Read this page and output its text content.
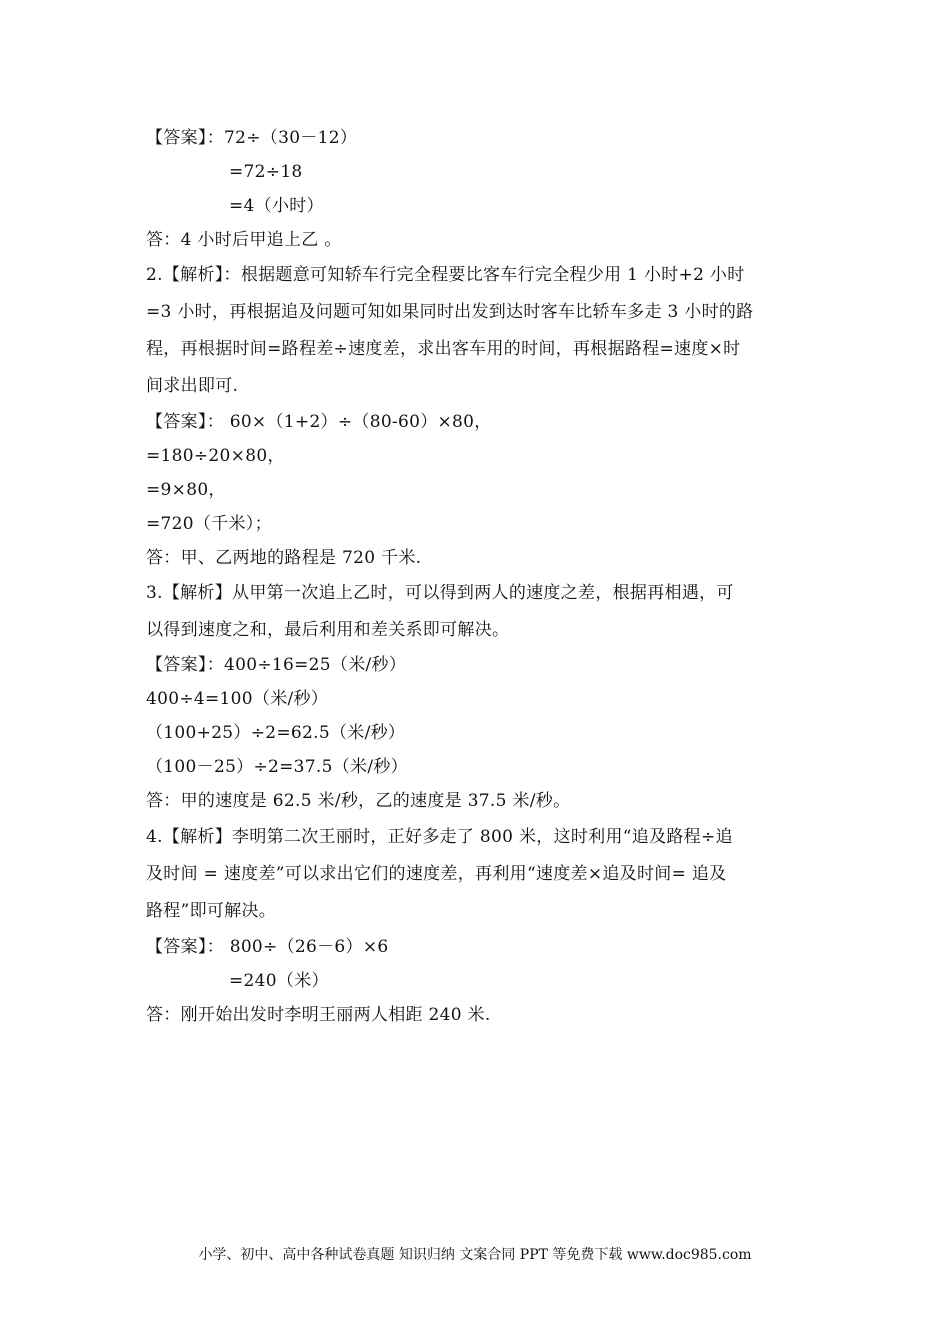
【答案】：72÷（30－12）
=72÷18
=4（小时）
答：4 小时后甲追上乙 。
2.【解析】：根据题意可知轿车行完全程要比客车行完全程少用 1 小时+2 小时
=3 小时，再根据追及问题可知如果同时出发到达时客车比轿车多走 3 小时的路
程，再根据时间=路程差÷速度差，求出客车用的时间，再根据路程=速度×时
间求出即可.
【答案】： 60×（1+2）÷（80-60）×80，
=180÷20×80，
=9×80，
=720（千米）；
答：甲、乙两地的路程是 720 千米.
3.【解析】从甲第一次追上乙时，可以得到两人的速度之差，根据再相遇，可
以得到速度之和，最后利用和差关系即可解决。
【答案】：400÷16=25（米/秒）
400÷4=100（米/秒）
（100+25）÷2=62.5（米/秒）
（100－25）÷2=37.5（米/秒）
答：甲的速度是 62.5 米/秒，乙的速度是 37.5 米/秒。
4.【解析】李明第二次王丽时，正好多走了 800 米，这时利用“追及路程÷追
及时间 = 速度差”可以求出它们的速度差，再利用“速度差×追及时间= 追及
路程”即可解决。
【答案】： 800÷（26－6）×6
=240（米）
答：刚开始出发时李明王丽两人相距 240 米.
小学、初中、高中各种试卷真题 知识归纳 文案合同 PPT 等免费下载 www.doc985.com
